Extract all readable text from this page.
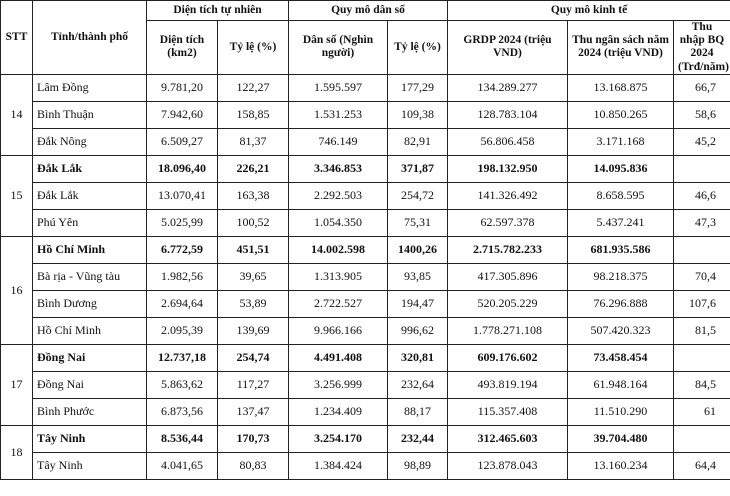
STT	Tỉnh/thành phố	Diện tích tự nhiên		Quy mô dân số		Quy mô kinh tế		
		Diện tích (km2)	Tỷ lệ (%)	Dân số (Nghìn người)	Tỷ lệ (%)	GRDP 2024 (triệu VND)	Thu ngân sách năm 2024 (triệu VND)	Thu nhập BQ 2024 (Trđ/năm)
14	Lâm Đồng	9.781,20	122,27	1.595.597	177,29	134.289.277	13.168.875	66,7
	Bình Thuận	7.942,60	158,85	1.531.253	109,38	128.783.104	10.850.265	58,6
	Đắk Nông	6.509,27	81,37	746.149	82,91	56.806.458	3.171.168	45,2
15	Đắk Lắk	18.096,40	226,21	3.346.853	371,87	198.132.950	14.095.836	
	Đắk Lắk	13.070,41	163,38	2.292.503	254,72	141.326.492	8.658.595	46,6
	Phú Yên	5.025,99	100,52	1.054.350	75,31	62.597.378	5.437.241	47,3
16	Hồ Chí Minh	6.772,59	451,51	14.002.598	1400,26	2.715.782.233	681.935.586	
	Bà rịa - Vũng tàu	1.982,56	39,65	1.313.905	93,85	417.305.896	98.218.375	70,4
	Bình Dương	2.694,64	53,89	2.722.527	194,47	520.205.229	76.296.888	107,6
	Hồ Chí Minh	2.095,39	139,69	9.966.166	996,62	1.778.271.108	507.420.323	81,5
17	Đồng Nai	12.737,18	254,74	4.491.408	320,81	609.176.602	73.458.454	
	Đồng Nai	5.863,62	117,27	3.256.999	232,64	493.819.194	61.948.164	84,5
	Bình Phước	6.873,56	137,47	1.234.409	88,17	115.357.408	11.510.290	61
18	Tây Ninh	8.536,44	170,73	3.254.170	232,44	312.465.603	39.704.480	
	Tây Ninh	4.041,65	80,83	1.384.424	98,89	123.878.043	13.160.234	64,4
